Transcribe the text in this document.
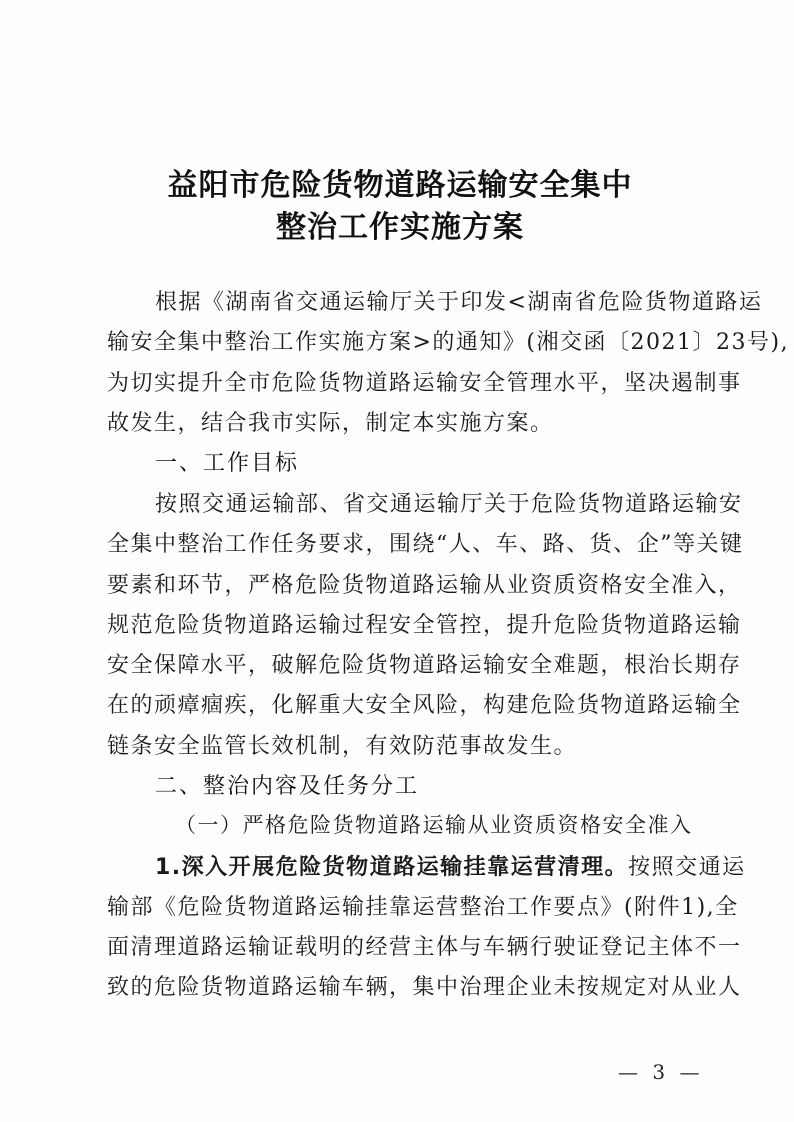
益阳市危险货物道路运输安全集中
整治工作实施方案
根据《湖南省交通运输厅关于印发<湖南省危险货物道路运
输安全集中整治工作实施方案>的通知》(湘交函〔2021〕23号),
为切实提升全市危险货物道路运输安全管理水平，坚决遏制事
故发生，结合我市实际，制定本实施方案。
一、工作目标
按照交通运输部、省交通运输厅关于危险货物道路运输安
全集中整治工作任务要求，围绕“人、车、路、货、企”等关键
要素和环节，严格危险货物道路运输从业资质资格安全准入，
规范危险货物道路运输过程安全管控，提升危险货物道路运输
安全保障水平，破解危险货物道路运输安全难题，根治长期存
在的顽瘴痼疾，化解重大安全风险，构建危险货物道路运输全
链条安全监管长效机制，有效防范事故发生。
二、整治内容及任务分工
（一）严格危险货物道路运输从业资质资格安全准入
1.深入开展危险货物道路运输挂靠运营清理。按照交通运
输部《危险货物道路运输挂靠运营整治工作要点》(附件1),全
面清理道路运输证载明的经营主体与车辆行驶证登记主体不一
致的危险货物道路运输车辆，集中治理企业未按规定对从业人
— 3 —
